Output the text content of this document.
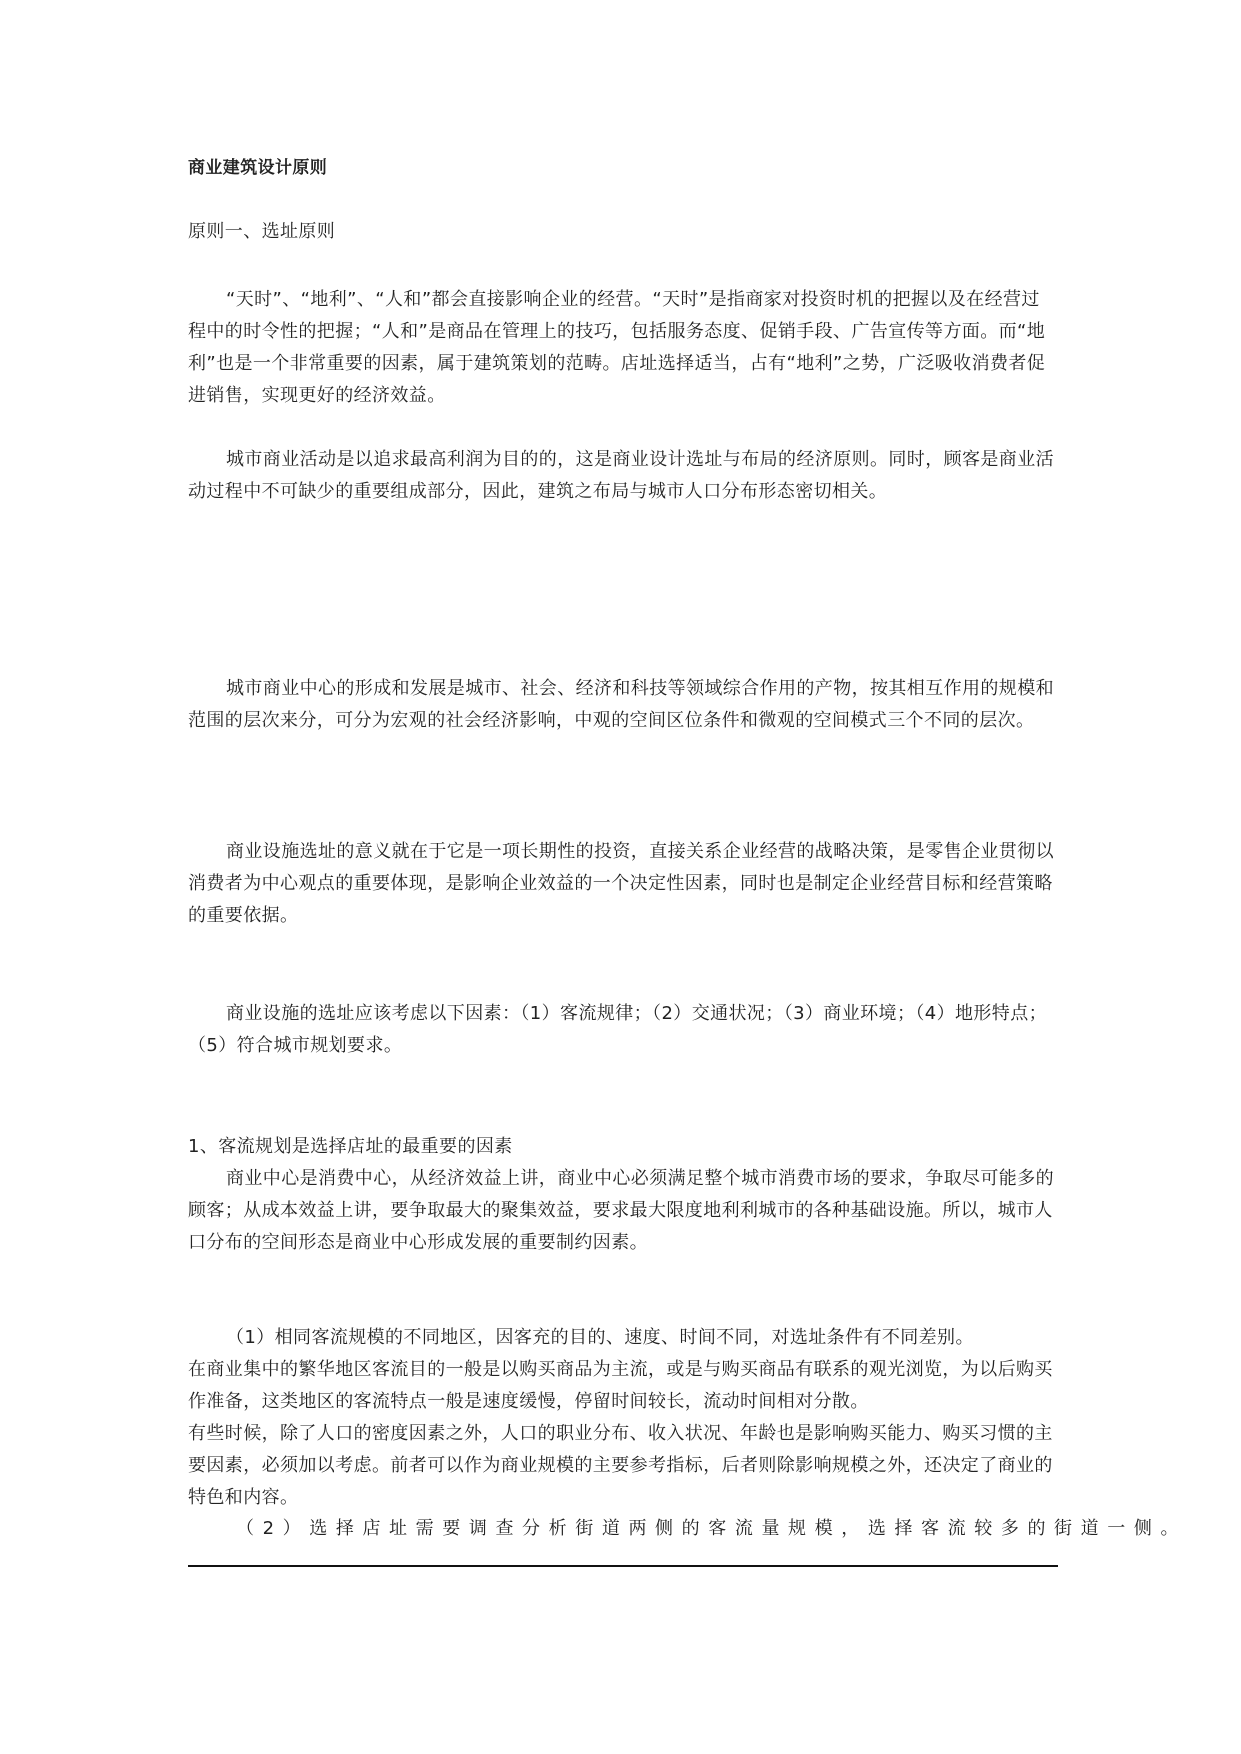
商业建筑设计原则

原则一、选址原则

“天时”、“地利”、“人和”都会直接影响企业的经营。“天时”是指商家对投资时机的把握以及在经营过程中的时令性的把握；“人和”是商品在管理上的技巧，包括服务态度、促销手段、广告宣传等方面。而“地利”也是一个非常重要的因素，属于建筑策划的范畴。店址选择适当，占有“地利”之势，广泛吸收消费者促进销售，实现更好的经济效益。

城市商业活动是以追求最高利润为目的的，这是商业设计选址与布局的经济原则。同时，顾客是商业活动过程中不可缺少的重要组成部分，因此，建筑之布局与城市人口分布形态密切相关。

城市商业中心的形成和发展是城市、社会、经济和科技等领域综合作用的产物，按其相互作用的规模和范围的层次来分，可分为宏观的社会经济影响，中观的空间区位条件和微观的空间模式三个不同的层次。

商业设施选址的意义就在于它是一项长期性的投资，直接关系企业经营的战略决策，是零售企业贯彻以消费者为中心观点的重要体现，是影响企业效益的一个决定性因素，同时也是制定企业经营目标和经营策略的重要依据。

商业设施的选址应该考虑以下因素：（1）客流规律；（2）交通状况；（3）商业环境；（4）地形特点；（5）符合城市规划要求。

1、客流规划是选择店址的最重要的因素

商业中心是消费中心，从经济效益上讲，商业中心必须满足整个城市消费市场的要求，争取尽可能多的顾客；从成本效益上讲，要争取最大的聚集效益，要求最大限度地利利城市的各种基础设施。所以，城市人口分布的空间形态是商业中心形成发展的重要制约因素。

（1）相同客流规模的不同地区，因客充的目的、速度、时间不同，对选址条件有不同差别。

在商业集中的繁华地区客流目的一般是以购买商品为主流，或是与购买商品有联系的观光浏览，为以后购买作准备，这类地区的客流特点一般是速度缓慢，停留时间较长，流动时间相对分散。

有些时候，除了人口的密度因素之外，人口的职业分布、收入状况、年龄也是影响购买能力、购买习惯的主要因素，必须加以考虑。前者可以作为商业规模的主要参考指标，后者则除影响规模之外，还决定了商业的特色和内容。

（2）选择店址需要调查分析街道两侧的客流量规模，选择客流较多的街道一侧。
